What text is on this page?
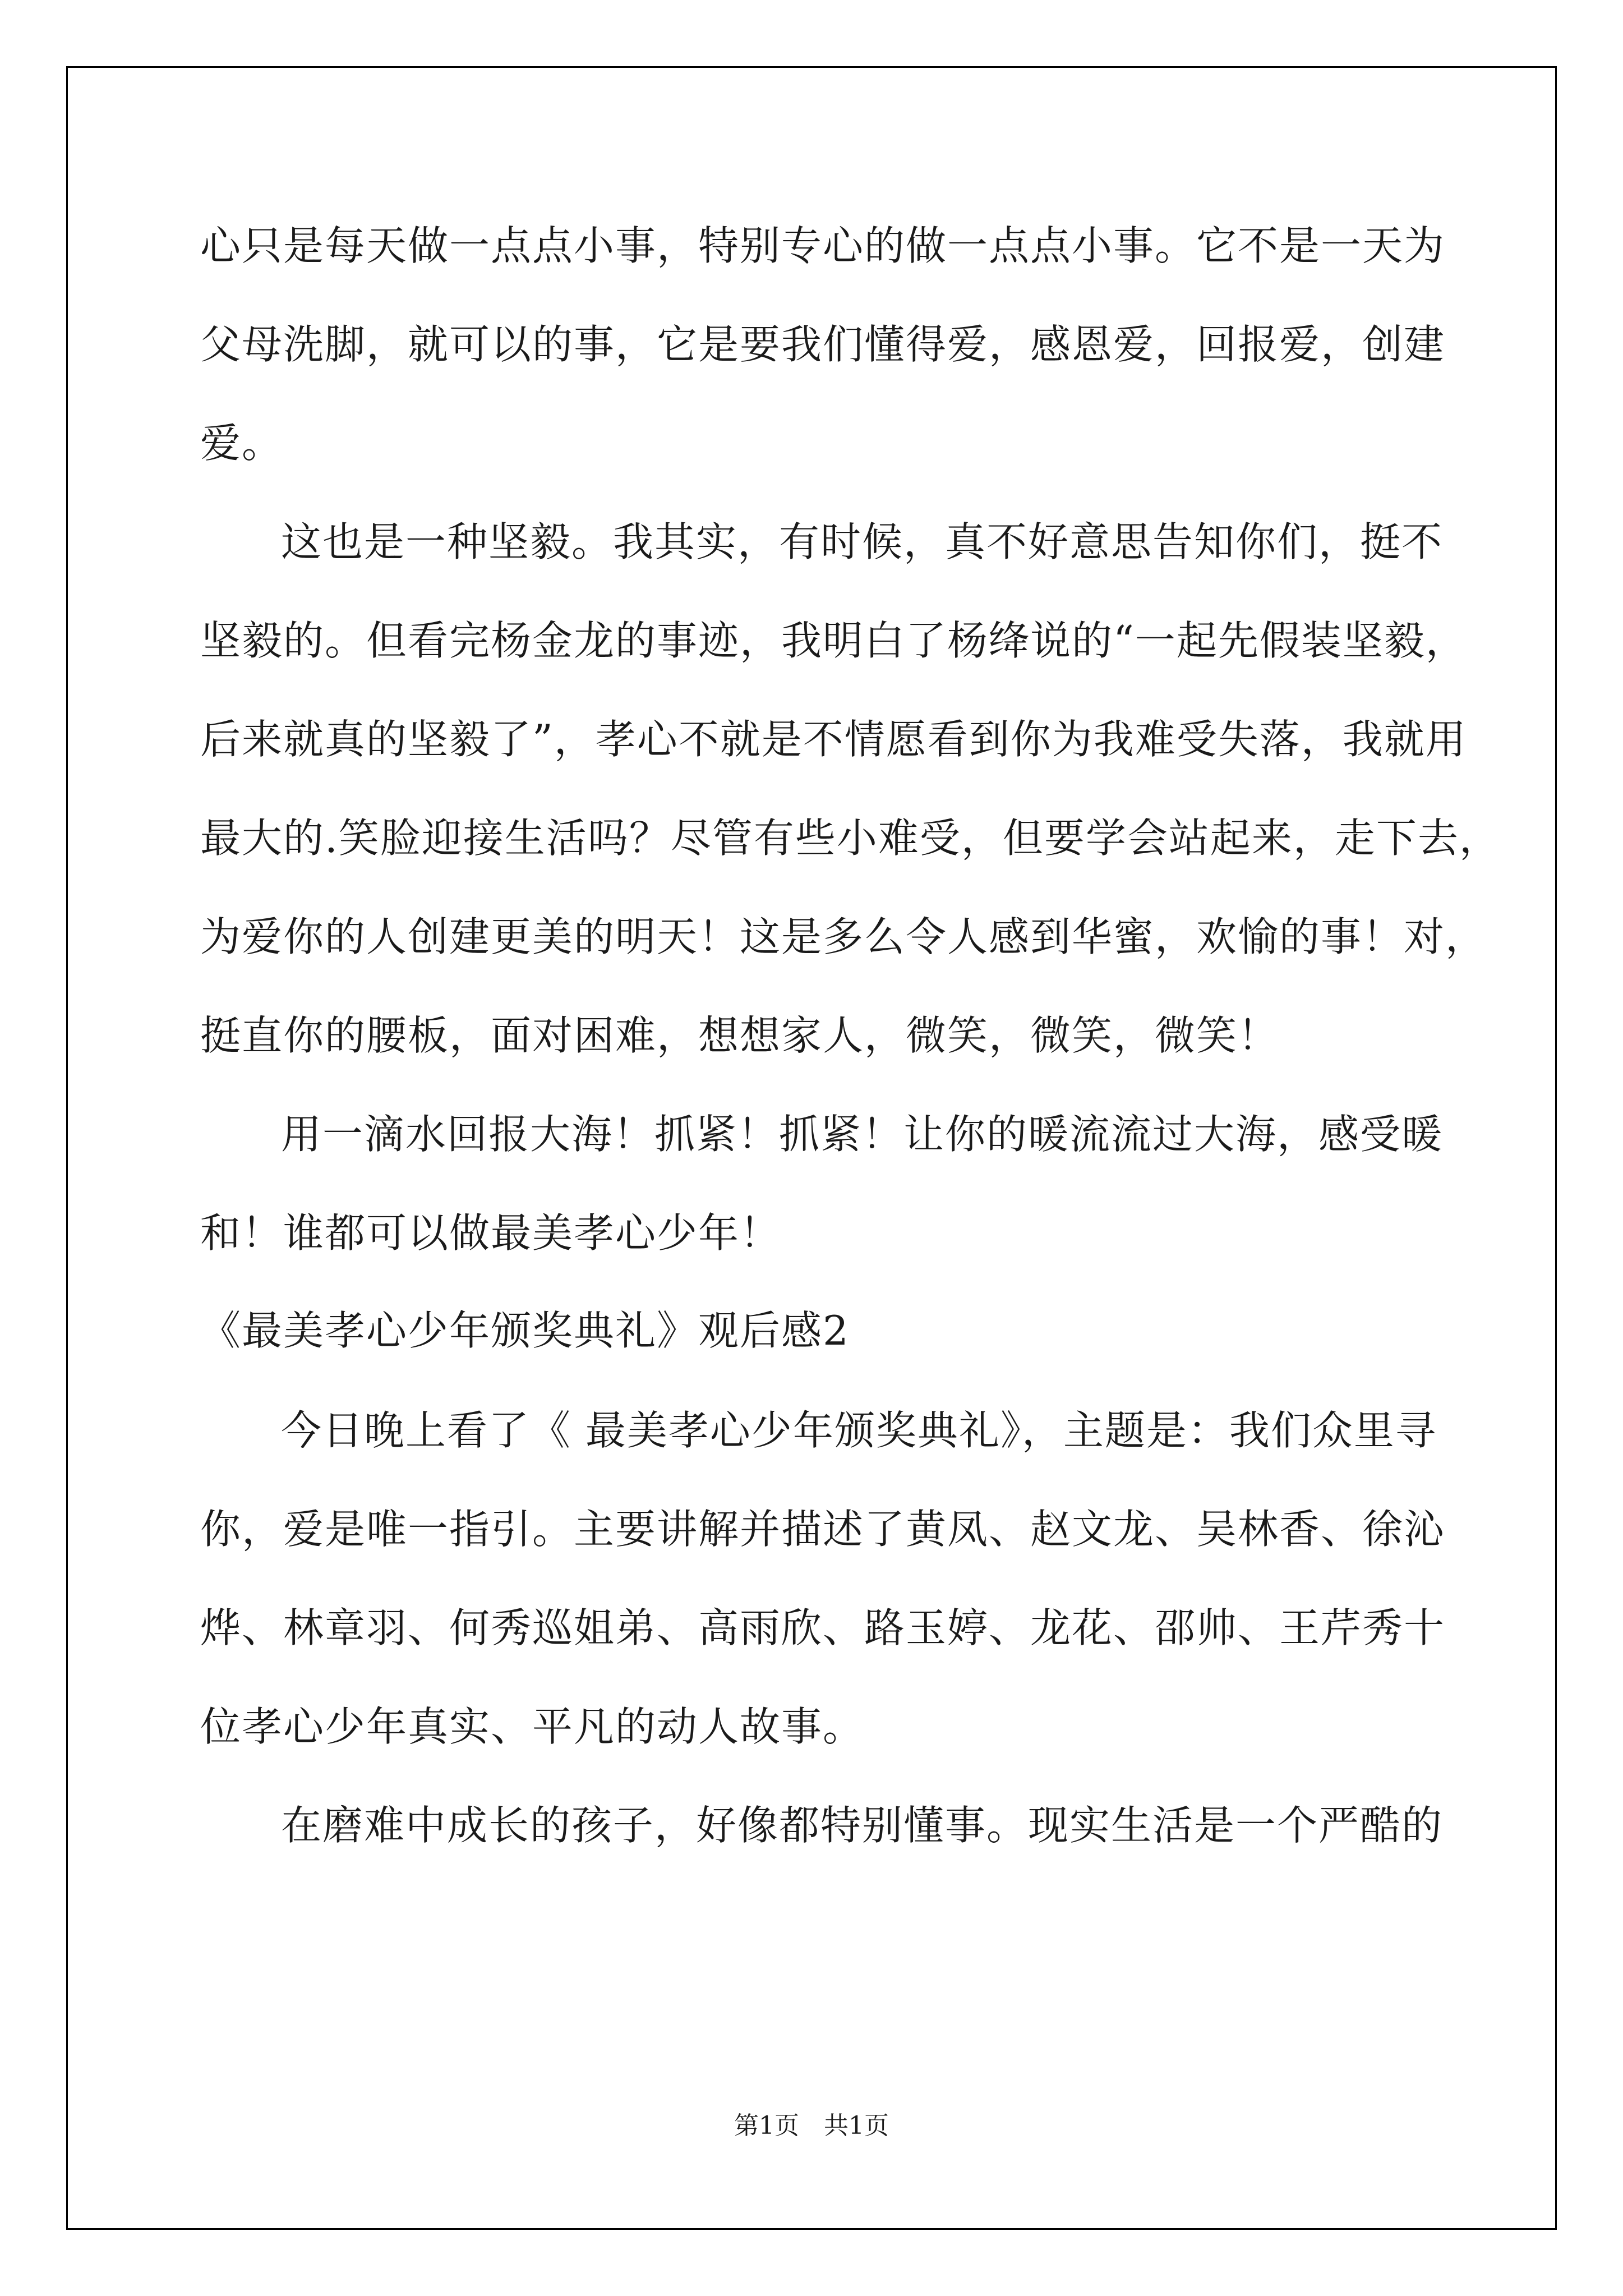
心只是每天做一点点小事，特别专心的做一点点小事。它不是一天为
父母洗脚，就可以的事，它是要我们懂得爱，感恩爱，回报爱，创建
爱。
这也是一种坚毅。我其实，有时候，真不好意思告知你们，挺不
坚毅的。但看完杨金龙的事迹，我明白了杨绛说的“一起先假装坚毅，
后来就真的坚毅了”，孝心不就是不情愿看到你为我难受失落，我就用
最大的.笑脸迎接生活吗？尽管有些小难受，但要学会站起来，走下去，
为爱你的人创建更美的明天！这是多么令人感到华蜜，欢愉的事！对，
挺直你的腰板，面对困难，想想家人，微笑，微笑，微笑！
用一滴水回报大海！抓紧！抓紧！让你的暖流流过大海，感受暖
和！谁都可以做最美孝心少年！
《最美孝心少年颁奖典礼》观后感2
今日晚上看了《 最美孝心少年颁奖典礼》，主题是：我们众里寻
你，爱是唯一指引。主要讲解并描述了黄凤、赵文龙、吴林香、徐沁
烨、林章羽、何秀巡姐弟、高雨欣、路玉婷、龙花、邵帅、王芹秀十
位孝心少年真实、平凡的动人故事。
在磨难中成长的孩子，好像都特别懂事。现实生活是一个严酷的
第1页　共1页
